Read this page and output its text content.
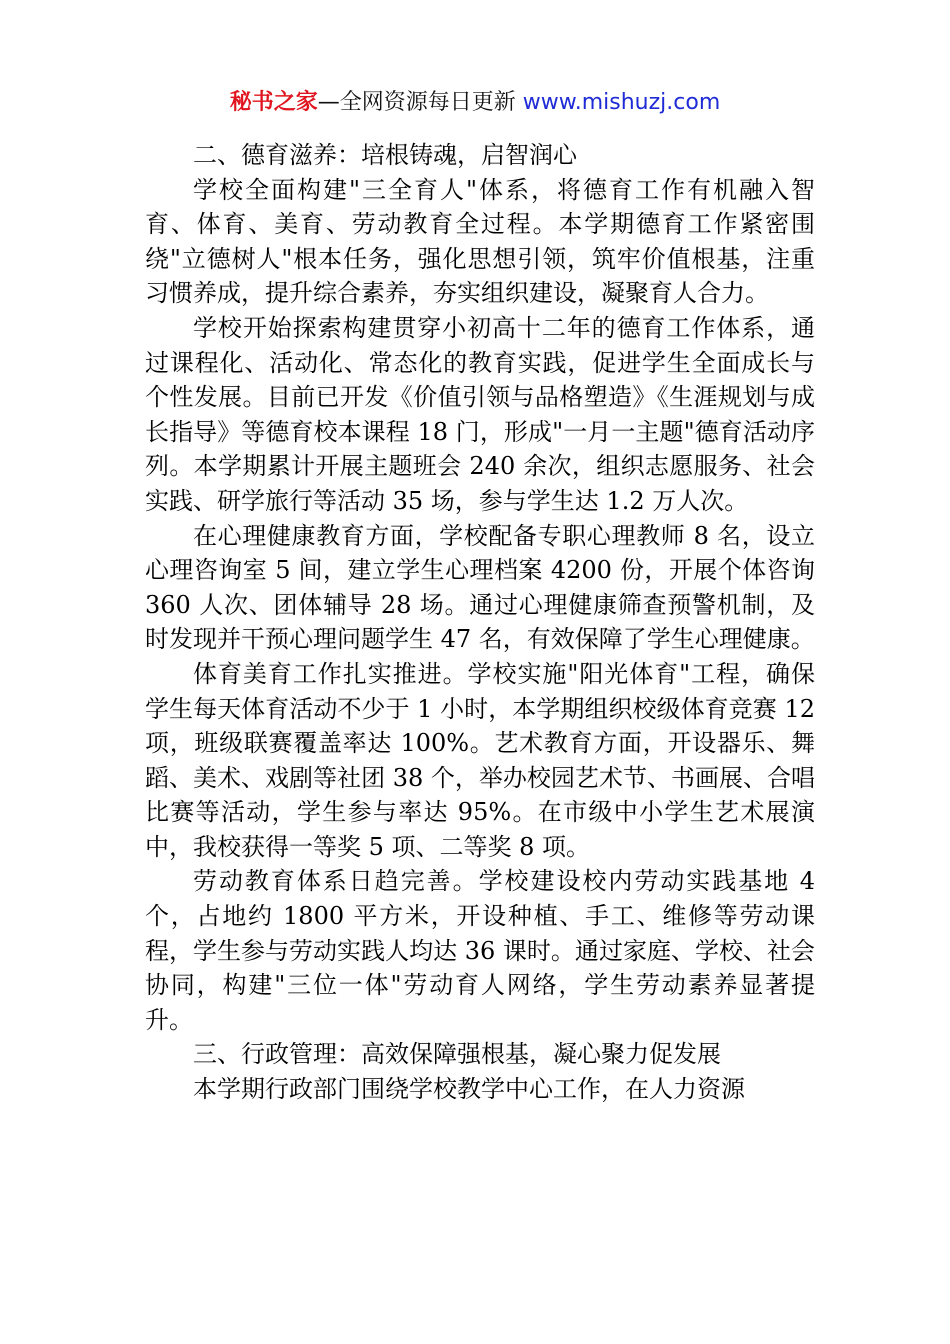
秘书之家—全网资源每日更新 www.mishuzj.com
二、德育滋养：培根铸魂，启智润心

学校全面构建"三全育人"体系，将德育工作有机融入智育、体育、美育、劳动教育全过程。本学期德育工作紧密围绕"立德树人"根本任务，强化思想引领，筑牢价值根基，注重习惯养成，提升综合素养，夯实组织建设，凝聚育人合力。

学校开始探索构建贯穿小初高十二年的德育工作体系，通过课程化、活动化、常态化的教育实践，促进学生全面成长与个性发展。目前已开发《价值引领与品格塑造》《生涯规划与成长指导》等德育校本课程 18 门，形成"一月一主题"德育活动序列。本学期累计开展主题班会 240 余次，组织志愿服务、社会实践、研学旅行等活动 35 场，参与学生达 1.2 万人次。

在心理健康教育方面，学校配备专职心理教师 8 名，设立心理咨询室 5 间，建立学生心理档案 4200 份，开展个体咨询 360 人次、团体辅导 28 场。通过心理健康筛查预警机制，及时发现并干预心理问题学生 47 名，有效保障了学生心理健康。

体育美育工作扎实推进。学校实施"阳光体育"工程，确保学生每天体育活动不少于 1 小时，本学期组织校级体育竞赛 12 项，班级联赛覆盖率达 100%。艺术教育方面，开设器乐、舞蹈、美术、戏剧等社团 38 个，举办校园艺术节、书画展、合唱比赛等活动，学生参与率达 95%。在市级中小学生艺术展演中，我校获得一等奖 5 项、二等奖 8 项。

劳动教育体系日趋完善。学校建设校内劳动实践基地 4 个，占地约 1800 平方米，开设种植、手工、维修等劳动课程，学生参与劳动实践人均达 36 课时。通过家庭、学校、社会协同，构建"三位一体"劳动育人网络，学生劳动素养显著提升。

三、行政管理：高效保障强根基，凝心聚力促发展

本学期行政部门围绕学校教学中心工作，在人力资源
